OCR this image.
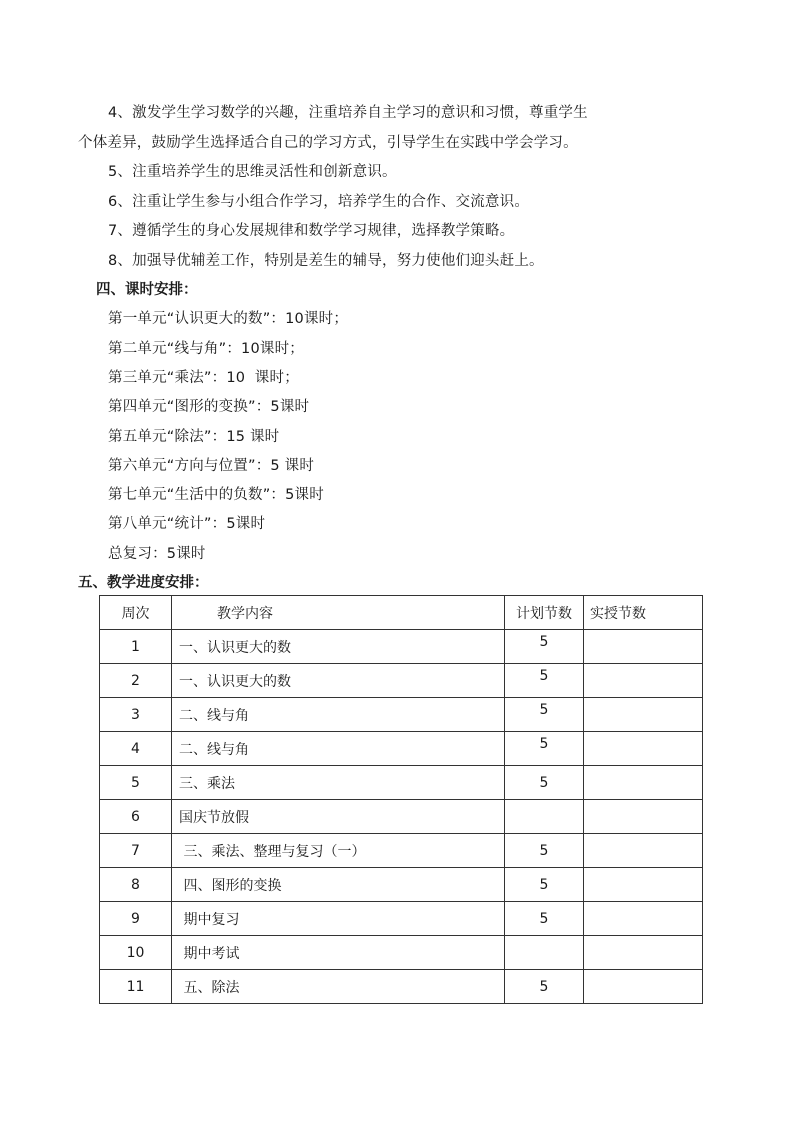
4、激发学生学习数学的兴趣，注重培养自主学习的意识和习惯，尊重学生
个体差异，鼓励学生选择适合自己的学习方式，引导学生在实践中学会学习。
5、注重培养学生的思维灵活性和创新意识。
6、注重让学生参与小组合作学习，培养学生的合作、交流意识。
7、遵循学生的身心发展规律和数学学习规律，选择教学策略。
8、加强导优辅差工作，特别是差生的辅导，努力使他们迎头赶上。
四、课时安排：
第一单元“认识更大的数”：10课时；
第二单元“线与角”：10课时；
第三单元“乘法”：10  课时；
第四单元“图形的变换”：5课时
第五单元“除法”：15 课时
第六单元“方向与位置”：5 课时
第七单元“生活中的负数”：5课时
第八单元“统计”：5课时
总复习：5课时
五、教学进度安排：
周次	教学内容	计划节数	实授节数
1	一、认识更大的数	5	
2	一、认识更大的数	5	
3	二、线与角	5	
4	二、线与角	5	
5	三、乘法	5	
6	国庆节放假		
7	三、乘法、整理与复习（一）	5	
8	四、图形的变换	5	
9	期中复习	5	
10	期中考试		
11	五、除法	5	
